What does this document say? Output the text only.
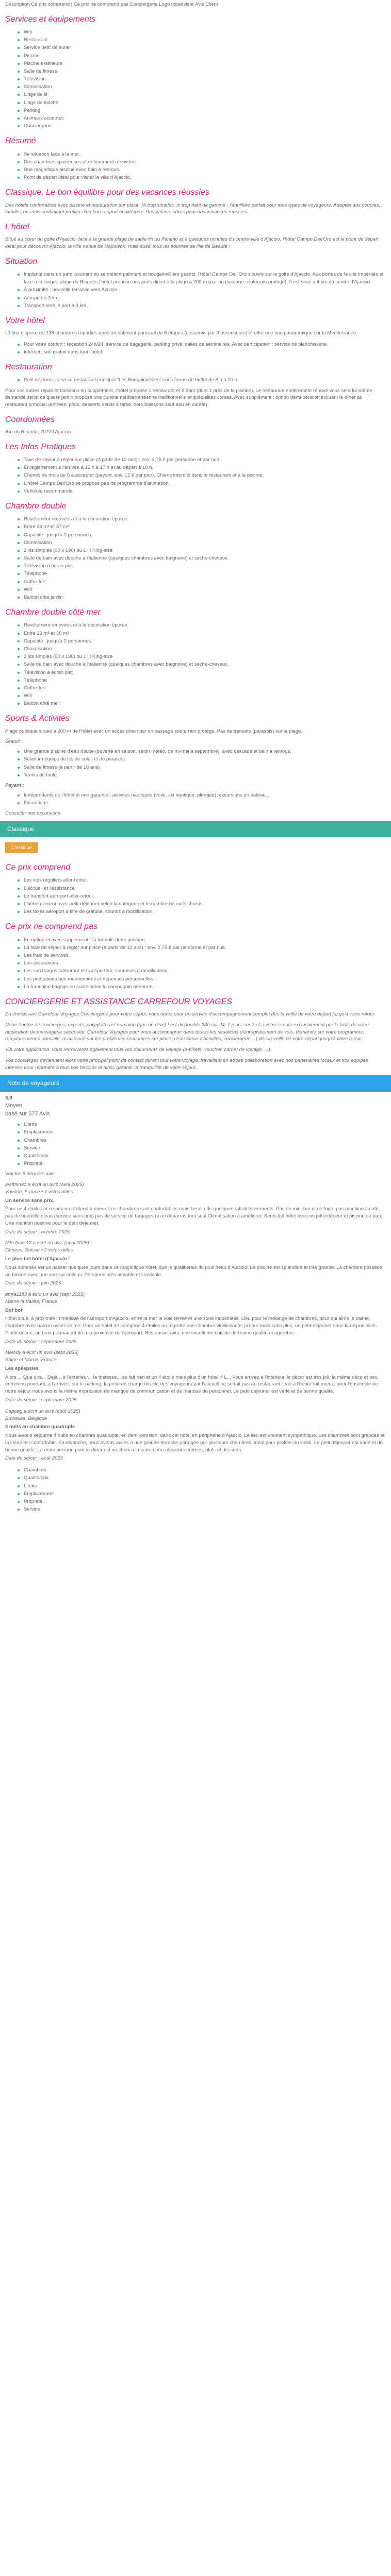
Description Ce prix comprend | Ce prix ne comprend pas Conciergerie Logo tripadvisor Avis Client
Services et équipements
Wifi
Restaurant
Service petit déjeuner
Piscine
Piscine extérieure
Salle de fitness
Télévision
Climatisation
Linge de lit
Linge de toilette
Parking
Animaux acceptés
Conciergerie
Résumé
Se situation face à la mer.
Des chambres spacieuses et entièrement rénovées.
Une magnifique piscine avec bain à remous.
Point de départ idéal pour visiter la ville d'Ajaccio.
Classique, Le bon équilibre pour des vacances réussies

Des hôtels confortables avec piscine et restauration sur place. Ni trop simples, ni trop haut de gamme ; l'équilibre parfait pour tous types de voyageurs. Adaptés aux couples, familles ou amis souhaitant profiter d'un bon rapport qualité/prix. Des valeurs sûres pour des vacances réussies.

L'hôtel

Situé au cœur du golfe d'Ajaccio, face à la grande plage de sable fin du Ricanto et à quelques minutes du centre-ville d'Ajaccio, l'hôtel Campo Dell'Oro est le point de départ idéal pour découvrir Ajaccio, la ville natale de Napoléon, mais aussi tous les sourires de l'Île de Beauté !

Situation
Implanté dans un parc luxuriant où se mêlent palmiers et bougainvilliers géants, l'hôtel Campo Dell'Oro s'ouvre sur le golfe d'Ajaccio. Aux portes de la cité impériale et face à la longue plage du Ricanto, l'hôtel propose un accès direct à la plage à 200 m (par un passage souterrain protégé). Il est situé à 4 km du centre d'Ajaccio.
À proximité : nouvelle terrasse vers Ajaccio.
Aéroport à 3 km.
Transport vers le port à 3 km.
Votre hôtel

L'hôtel dispose de 138 chambres réparties dans un bâtiment principal de 6 étages (desservis par 3 ascenseurs) et offre une vue panoramique sur la Méditerranée.

Pour votre confort : réception 24h/24, service de bagagerie, parking privé, salles de séminaires. Avec participation : service de blanchisserie.
Internet : wifi gratuit dans tout l'hôtel.
Restauration
Petit déjeuner servi au restaurant principal "Les Bougainvillées" sous forme de buffet de 6 h à 10 h.

Pour vos autres repas et boissons en supplément, l'hôtel propose 1 restaurant et 2 bars (dont 1 près de la piscine). Le restaurant entièrement rénové vous sera lui-même demandé selon ce que le jardin propose une cuisine méditerranéenne traditionnelle et spécialités corses. Avec supplément : option demi-pension incluant le dîner au restaurant principal (entrées, plats, desserts servis à table, hors boissons sauf eau en carafe).

Coordonnées

Rte du Ricanto, 20700 Ajaccio

Les Infos Pratiques
Taxe de séjour à régler sur place (à partir de 12 ans) : env. 2,75 € par personne et par nuit.
Enregistrement à l'arrivée à 16 h à 17 h et au départ à 10 h.
Chèves de mois de 5 à accepter (payant, env. 12 € par jour). Chiens interdits dans le restaurant et à la piscine.
L'hôtel Campo Dell'Oro se propose pas de programme d'animation.
Véhicule recommandé.
Chambre double
Revêtement rénovées et à la décoration épurée.
Entre 23 m² et 37 m²
Capacité : jusqu'à 2 personnes.
Climatisation
2 lits simples (90 x 190) ou 1 lit King-size
Salle de bain avec douche à l'italienne (quelques chambres avec baignoire) et sèche-cheveux.
Télévision à écran plat
Téléphone
Coffre-fort
Wifi
Balcon côté jardin
Chambre double côté mer
Revêtement rénovées et à la décoration épurée.
Entre 23 m² et 30 m²
Capacité : jusqu'à 2 personnes.
Climatisation
2 lits simples (90 x 190) ou 1 lit King-size
Salle de bain avec douche à l'italienne (quelques chambres avec baignoire) et sèche-cheveux.
Télévision à écran plat
Téléphone
Coffre-fort
Wifi
Balcon côté mer
Sports & Activités

Plage publique située à 200 m de l'hôtel avec un accès direct par un passage souterrain protégé. Pas de transats (parasols) sur la plage.

Gratuit :
Une grande piscine d'eau douce (ouverte en saison, selon météo, de mi-mai à septembre), avec cascade et bain à remous.
Solarium équipé de lits de soleil et de parasols.
Salle de fitness (à partir de 18 ans).
Tennis de table.
Payant :
Indépendants de l'hôtel et non garantis : activités nautiques (voile, ski nautique, plongée), excursions en bateau...
Excursions.

Consulter nos excursions

Classique
Classique
Ce prix comprend
Les vols réguliers aller-retour.
L'accueil et l'assistance.
Le transfert aéroport aller-retour.
L'hébergement avec petit-déjeuner selon la catégorie et le nombre de nuits choisis.
Les taxes aéroport à titre de gratuité, soumis à modification.
Ce prix ne comprend pas
En option et avec supplément : la formule demi-pension.
La taxe de séjour à régler sur place (à partir de 12 ans) : env. 2,75 € par personne et par nuit.
Les frais de services.
Les assurances.
Les surcharges carburant et transporteur, soumises à modification.
Les prestations non mentionnées et dépenses personnelles.
La franchise bagage en soute selon la compagnie aérienne.
CONCIERGERIE ET ASSISTANCE CARREFOUR VOYAGES

En choisissant Carrefour Voyages Conciergerie pour votre séjour, vous optez pour un service d'accompagnement complet dès la veille de votre départ jusqu'à votre retour.

Notre équipe de concierges, experts, polyglottes et humaine (que de rêve) ! est disponible 24h sur 24, 7 jours sur 7 et à votre écoute exclusivement par le biais de votre application de messagerie sécurisée, Carrefour Voyages pour vous accompagner dans toutes les situations d'enregistrement de vols, demande sur votre programme, remplacement à domicile, assistance sur les problèmes rencontrés sur place, réservation d'activités, conciergerie... ) dès la veille de votre départ jusqu'à votre retour.

Via votre application, vous retrouverez également tous vos documents de voyage (e-billets, voucher, carnet de voyage, ...).

Vos concierges deviennent alors votre principal point de contact durant tout votre voyage, travaillant en étroite collaboration avec nos partenaires locaux et nos équipes internes pour répondre à tous vos besoins et ainsi, garantir la tranquillité de votre séjour.

Note de voyageurs
3,9
Moyen
basé sur 577 Avis
Literie
Emplacement
Chambres
Service
Qualité/prix
Propreté

Voir les 5 derniers avis

leafthin91 a écrit un avis (avril 2025)
Vaundé, France • 1 votes utiles
Un service sans prix.
Pour un 4 étoiles et ce prix on s'attend à mieux.Les chambres sont confortables mais besoin de quelques rafraîchissements. Pas de mini-bar ni de frigo, pas machine à café, pas de bouteille d'eau (service sans prix) pas de service de bagages ni au débarras tout seul.Climatisation à améliorer. Seuls bel hôtel avec un joli extérieur et piscine du parc. Une mention positive pour le petit déjeuner.
Date du séjour : octobre 2025
Nilo Aina 12 a écrit un avis (april 2025)
Génève, Suisse • 2 votes utiles
Le plus bel hôtel d'Ajaccio !
Nous sommes venus passer quelques jours dans ce magnifique hôtel, que je qualifierais du plus beau d'Ajaccio! La piscine est splendide et très grande. La chambre possède un balcon avec une vue sur celle-ci. Personnel très aimable et serviable.
Date du séjour : juin 2025
amra1183 a écrit un avis (sept 2025)
Marne la Vallée, France
Bof bof
Hôtel situé, à proximité immédiate de l'aéroport d'Ajaccio, entre la mer la voie ferrée et une zone industrielle. Lieu pour le mélange de chambres, pour qui aime le calme, chambre avec balcon assez calme. Pour un hôtel de catégorie 4 étoiles on regrette une chambre vieillissante, propre mais sans plus, un petit-déjeuner sans la disponibilité. Plutôt déçue, un bruit permanent dû à la proximité de l'aéroport. Restaurant avec une excellente cuisine de bonne qualité et agréable.
Date du séjour : septembre 2025
Melody a écrit un avis (sept 2025)
Saine et Marne, France
Les épilepsies
Alors ... Que dire... Déjà... à l'extérieur... la tristesse... se fait rien et un 4 étoile mais plus d'un hôtel 4 L... Vous arrivez à l'intérieur, le décor est très joli, la même déco et peu entretenu pourtant, à l'arrivée, sur le parking, la prise en charge directe des voyageurs par l'accueil ne se fait pas au restaurant l'eau à l'heure fait mieux, pour l'ensemble de notre séjour nous avons la même impression de manque de communication et de manque de personnel. Le petit déjeuner est varié et de bonne qualité.
Date du séjour : septembre 2025
Cappag a écrit un avis (août 2025)
Bruxelles, Belgique
4 nuits en chambre quadruple
Nous avions séjourné 4 nuits en chambre quadruple, en demi-pension, dans cet hôtel en périphérie d'Ajaccio. Le lieu est vraiment sympathique. Les chambres sont grandes et la literie est confortable. En revanche, nous avions accès à une grande terrasse partagée par plusieurs chambres, idéal pour profiter du soleil. Le petit déjeuner est varié et de bonne qualité. La demi-pension pour le dîner est un choix à la carte entre plusieurs entrées, plats et desserts.
Date du séjour : août 2025
Chambres
Qualité/prix
Literie
Emplacement
Propreté
Service
